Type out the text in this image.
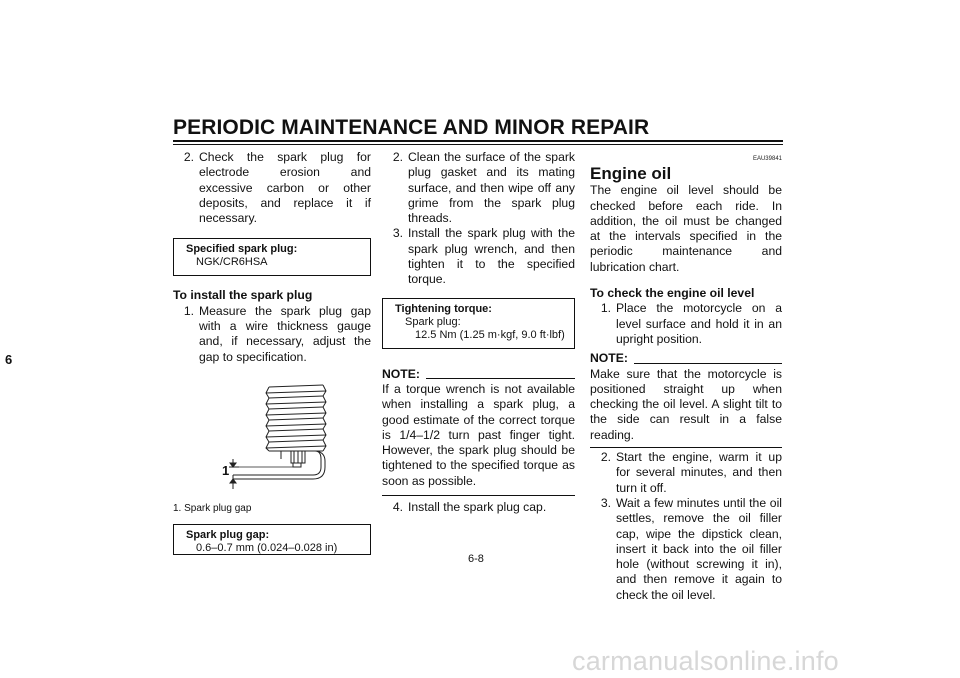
PERIODIC MAINTENANCE AND MINOR REPAIR
6
2. Check the spark plug for electrode erosion and excessive carbon or other deposits, and replace it if necessary.
Specified spark plug:
NGK/CR6HSA
To install the spark plug
1. Measure the spark plug gap with a wire thickness gauge and, if necessary, adjust the gap to specification.
1
1. Spark plug gap
Spark plug gap:
0.6–0.7 mm (0.024–0.028 in)
2. Clean the surface of the spark plug gasket and its mating surface, and then wipe off any grime from the spark plug threads.
3. Install the spark plug with the spark plug wrench, and then tighten it to the specified torque.
Tightening torque:
Spark plug:
12.5 Nm (1.25 m·kgf, 9.0 ft·lbf)
NOTE:
If a torque wrench is not available when installing a spark plug, a good estimate of the correct torque is 1/4–1/2 turn past finger tight. However, the spark plug should be tightened to the specified torque as soon as possible.
4. Install the spark plug cap.
EAU39841
Engine oil
The engine oil level should be checked before each ride. In addition, the oil must be changed at the intervals specified in the periodic maintenance and lubrication chart.
To check the engine oil level
1. Place the motorcycle on a level surface and hold it in an upright position.
NOTE:
Make sure that the motorcycle is positioned straight up when checking the oil level. A slight tilt to the side can result in a false reading.
2. Start the engine, warm it up for several minutes, and then turn it off.
3. Wait a few minutes until the oil settles, remove the oil filler cap, wipe the dipstick clean, insert it back into the oil filler hole (without screwing it in), and then remove it again to check the oil level.
6-8
carmanualsonline.info
